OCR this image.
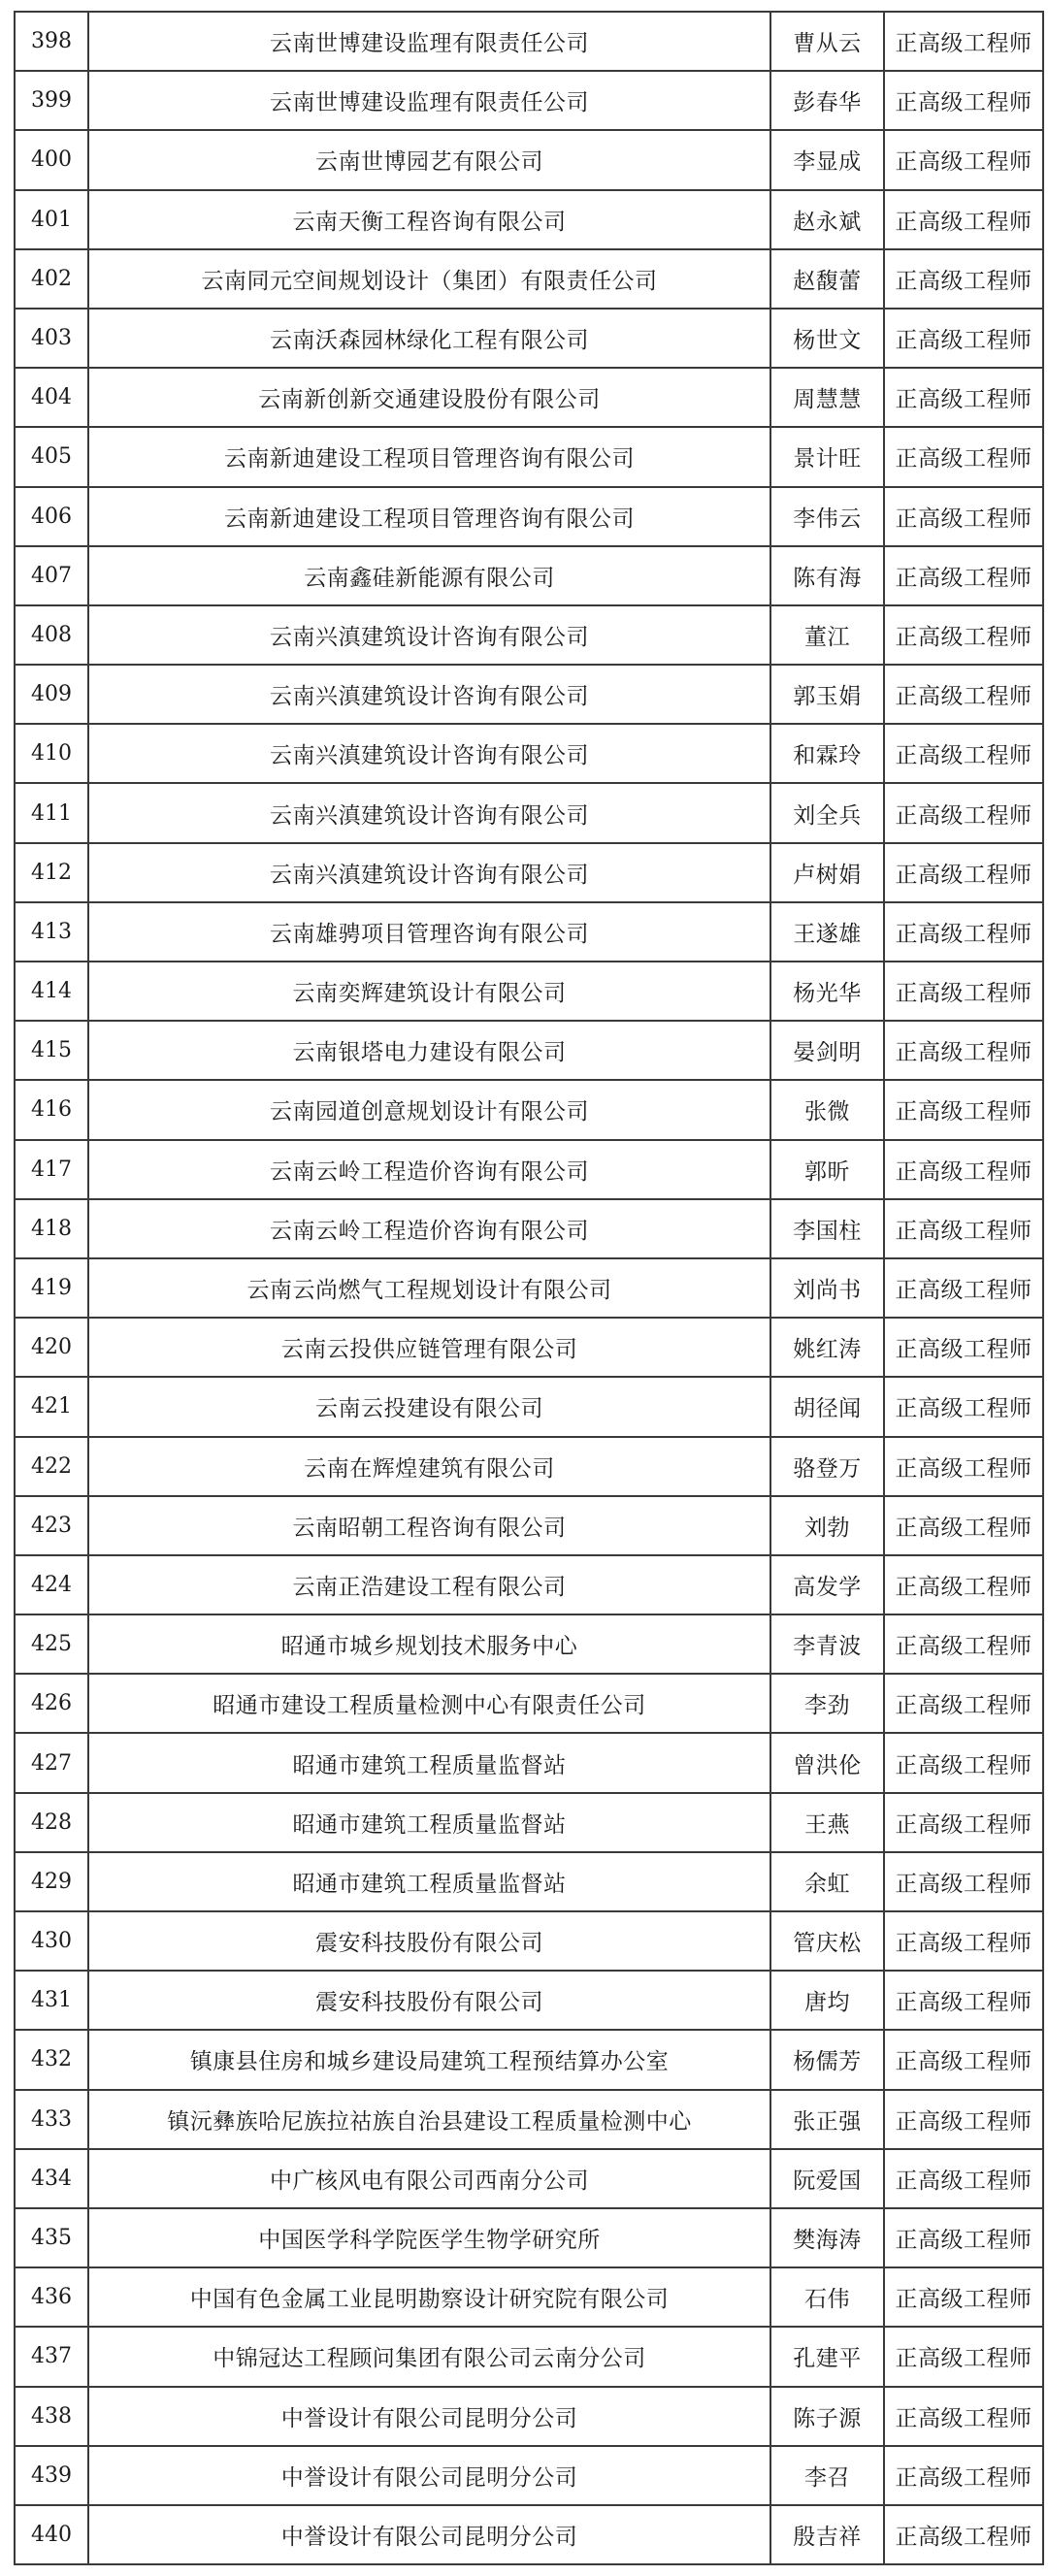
398	云南世博建设监理有限责任公司	曹从云	正高级工程师
399	云南世博建设监理有限责任公司	彭春华	正高级工程师
400	云南世博园艺有限公司	李显成	正高级工程师
401	云南天衡工程咨询有限公司	赵永斌	正高级工程师
402	云南同元空间规划设计（集团）有限责任公司	赵馥蕾	正高级工程师
403	云南沃森园林绿化工程有限公司	杨世文	正高级工程师
404	云南新创新交通建设股份有限公司	周慧慧	正高级工程师
405	云南新迪建设工程项目管理咨询有限公司	景计旺	正高级工程师
406	云南新迪建设工程项目管理咨询有限公司	李伟云	正高级工程师
407	云南鑫硅新能源有限公司	陈有海	正高级工程师
408	云南兴滇建筑设计咨询有限公司	董江	正高级工程师
409	云南兴滇建筑设计咨询有限公司	郭玉娟	正高级工程师
410	云南兴滇建筑设计咨询有限公司	和霖玲	正高级工程师
411	云南兴滇建筑设计咨询有限公司	刘全兵	正高级工程师
412	云南兴滇建筑设计咨询有限公司	卢树娟	正高级工程师
413	云南雄骋项目管理咨询有限公司	王遂雄	正高级工程师
414	云南奕辉建筑设计有限公司	杨光华	正高级工程师
415	云南银塔电力建设有限公司	晏剑明	正高级工程师
416	云南园道创意规划设计有限公司	张微	正高级工程师
417	云南云岭工程造价咨询有限公司	郭昕	正高级工程师
418	云南云岭工程造价咨询有限公司	李国柱	正高级工程师
419	云南云尚燃气工程规划设计有限公司	刘尚书	正高级工程师
420	云南云投供应链管理有限公司	姚红涛	正高级工程师
421	云南云投建设有限公司	胡径闻	正高级工程师
422	云南在辉煌建筑有限公司	骆登万	正高级工程师
423	云南昭朝工程咨询有限公司	刘勃	正高级工程师
424	云南正浩建设工程有限公司	高发学	正高级工程师
425	昭通市城乡规划技术服务中心	李青波	正高级工程师
426	昭通市建设工程质量检测中心有限责任公司	李劲	正高级工程师
427	昭通市建筑工程质量监督站	曾洪伦	正高级工程师
428	昭通市建筑工程质量监督站	王燕	正高级工程师
429	昭通市建筑工程质量监督站	余虹	正高级工程师
430	震安科技股份有限公司	管庆松	正高级工程师
431	震安科技股份有限公司	唐均	正高级工程师
432	镇康县住房和城乡建设局建筑工程预结算办公室	杨儒芳	正高级工程师
433	镇沅彝族哈尼族拉祜族自治县建设工程质量检测中心	张正强	正高级工程师
434	中广核风电有限公司西南分公司	阮爱国	正高级工程师
435	中国医学科学院医学生物学研究所	樊海涛	正高级工程师
436	中国有色金属工业昆明勘察设计研究院有限公司	石伟	正高级工程师
437	中锦冠达工程顾问集团有限公司云南分公司	孔建平	正高级工程师
438	中誉设计有限公司昆明分公司	陈子源	正高级工程师
439	中誉设计有限公司昆明分公司	李召	正高级工程师
440	中誉设计有限公司昆明分公司	殷吉祥	正高级工程师
